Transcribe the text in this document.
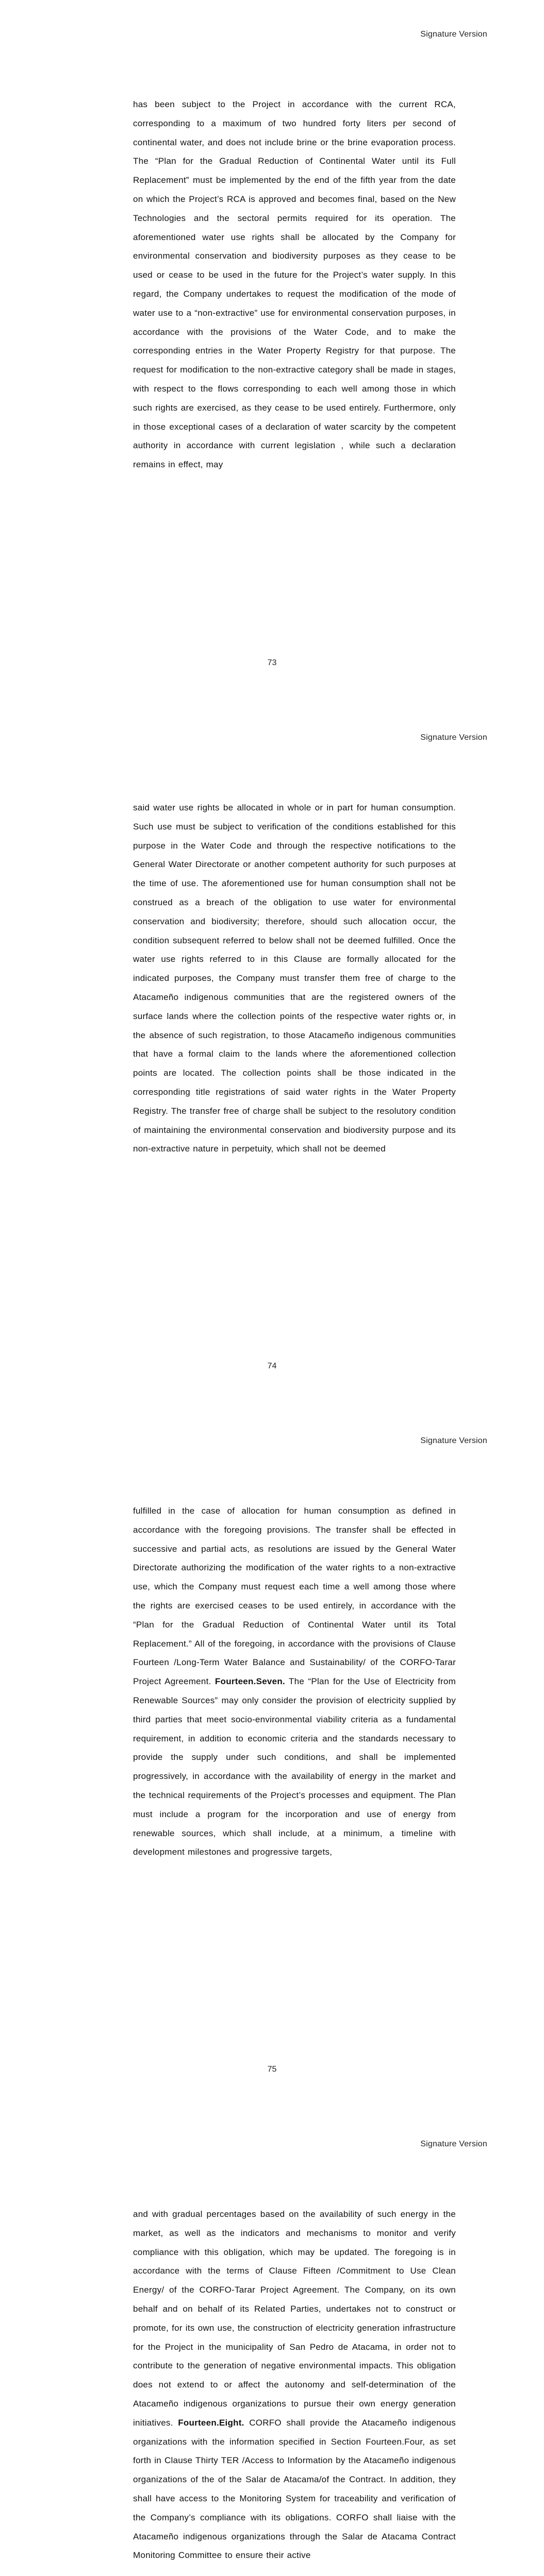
Signature Version

has been subject to the Project in accordance with the current RCA, corresponding to a maximum of two hundred forty liters per second of continental water, and does not include brine or the brine evaporation process. The “Plan for the Gradual Reduction of Continental Water until its Full Replacement” must be implemented by the end of the fifth year from the date on which the Project’s RCA is approved and becomes final, based on the New Technologies and the sectoral permits required for its operation. The aforementioned water use rights shall be allocated by the Company for environmental conservation and biodiversity purposes as they cease to be used or cease to be used in the future for the Project’s water supply. In this regard, the Company undertakes to request the modification of the mode of water use to a “non-extractive” use for environmental conservation purposes, in accordance with the provisions of the Water Code, and to make the corresponding entries in the Water Property Registry for that purpose. The request for modification to the non-extractive category shall be made in stages, with respect to the flows corresponding to each well among those in which such rights are exercised, as they cease to be used entirely. Furthermore, only in those exceptional cases of a declaration of water scarcity by the competent authority in accordance with current legislation , while such a declaration remains in effect, may

73
Signature Version

said water use rights be allocated in whole or in part for human consumption. Such use must be subject to verification of the conditions established for this purpose in the Water Code and through the respective notifications to the General Water Directorate or another competent authority for such purposes at the time of use. The aforementioned use for human consumption shall not be construed as a breach of the obligation to use water for environmental conservation and biodiversity; therefore, should such allocation occur, the condition subsequent referred to below shall not be deemed fulfilled. Once the water use rights referred to in this Clause are formally allocated for the indicated purposes, the Company must transfer them free of charge to the Atacameño indigenous communities that are the registered owners of the surface lands where the collection points of the respective water rights or, in the absence of such registration, to those Atacameño indigenous communities that have a formal claim to the lands where the aforementioned collection points are located. The collection points shall be those indicated in the corresponding title registrations of said water rights in the Water Property Registry. The transfer free of charge shall be subject to the resolutory condition of maintaining the environmental conservation and biodiversity purpose and its non-extractive nature in perpetuity, which shall not be deemed

74
Signature Version

fulfilled in the case of allocation for human consumption as defined in accordance with the foregoing provisions. The transfer shall be effected in successive and partial acts, as resolutions are issued by the General Water Directorate authorizing the modification of the water rights to a non-extractive use, which the Company must request each time a well among those where the rights are exercised ceases to be used entirely, in accordance with the “Plan for the Gradual Reduction of Continental Water until its Total Replacement.” All of the foregoing, in accordance with the provisions of Clause Fourteen /Long-Term Water Balance and Sustainability/ of the CORFO-Tarar Project Agreement. Fourteen.Seven. The “Plan for the Use of Electricity from Renewable Sources” may only consider the provision of electricity supplied by third parties that meet socio-environmental viability criteria as a fundamental requirement, in addition to economic criteria and the standards necessary to provide the supply under such conditions, and shall be implemented progressively, in accordance with the availability of energy in the market and the technical requirements of the Project’s processes and equipment. The Plan must include a program for the incorporation and use of energy from renewable sources, which shall include, at a minimum, a timeline with development milestones and progressive targets,

75
Signature Version

and with gradual percentages based on the availability of such energy in the market, as well as the indicators and mechanisms to monitor and verify compliance with this obligation, which may be updated. The foregoing is in accordance with the terms of Clause Fifteen /Commitment to Use Clean Energy/ of the CORFO-Tarar Project Agreement. The Company, on its own behalf and on behalf of its Related Parties, undertakes not to construct or promote, for its own use, the construction of electricity generation infrastructure for the Project in the municipality of San Pedro de Atacama, in order not to contribute to the generation of negative environmental impacts. This obligation does not extend to or affect the autonomy and self-determination of the Atacameño indigenous organizations to pursue their own energy generation initiatives. Fourteen.Eight. CORFO shall provide the Atacameño indigenous organizations with the information specified in Section Fourteen.Four, as set forth in Clause Thirty TER /Access to Information by the Atacameño indigenous organizations of the of the Salar de Atacama/of the Contract. In addition, they shall have access to the Monitoring System for traceability and verification of the Company’s compliance with its obligations. CORFO shall liaise with the Atacameño indigenous organizations through the Salar de Atacama Contract Monitoring Committee to ensure their active
